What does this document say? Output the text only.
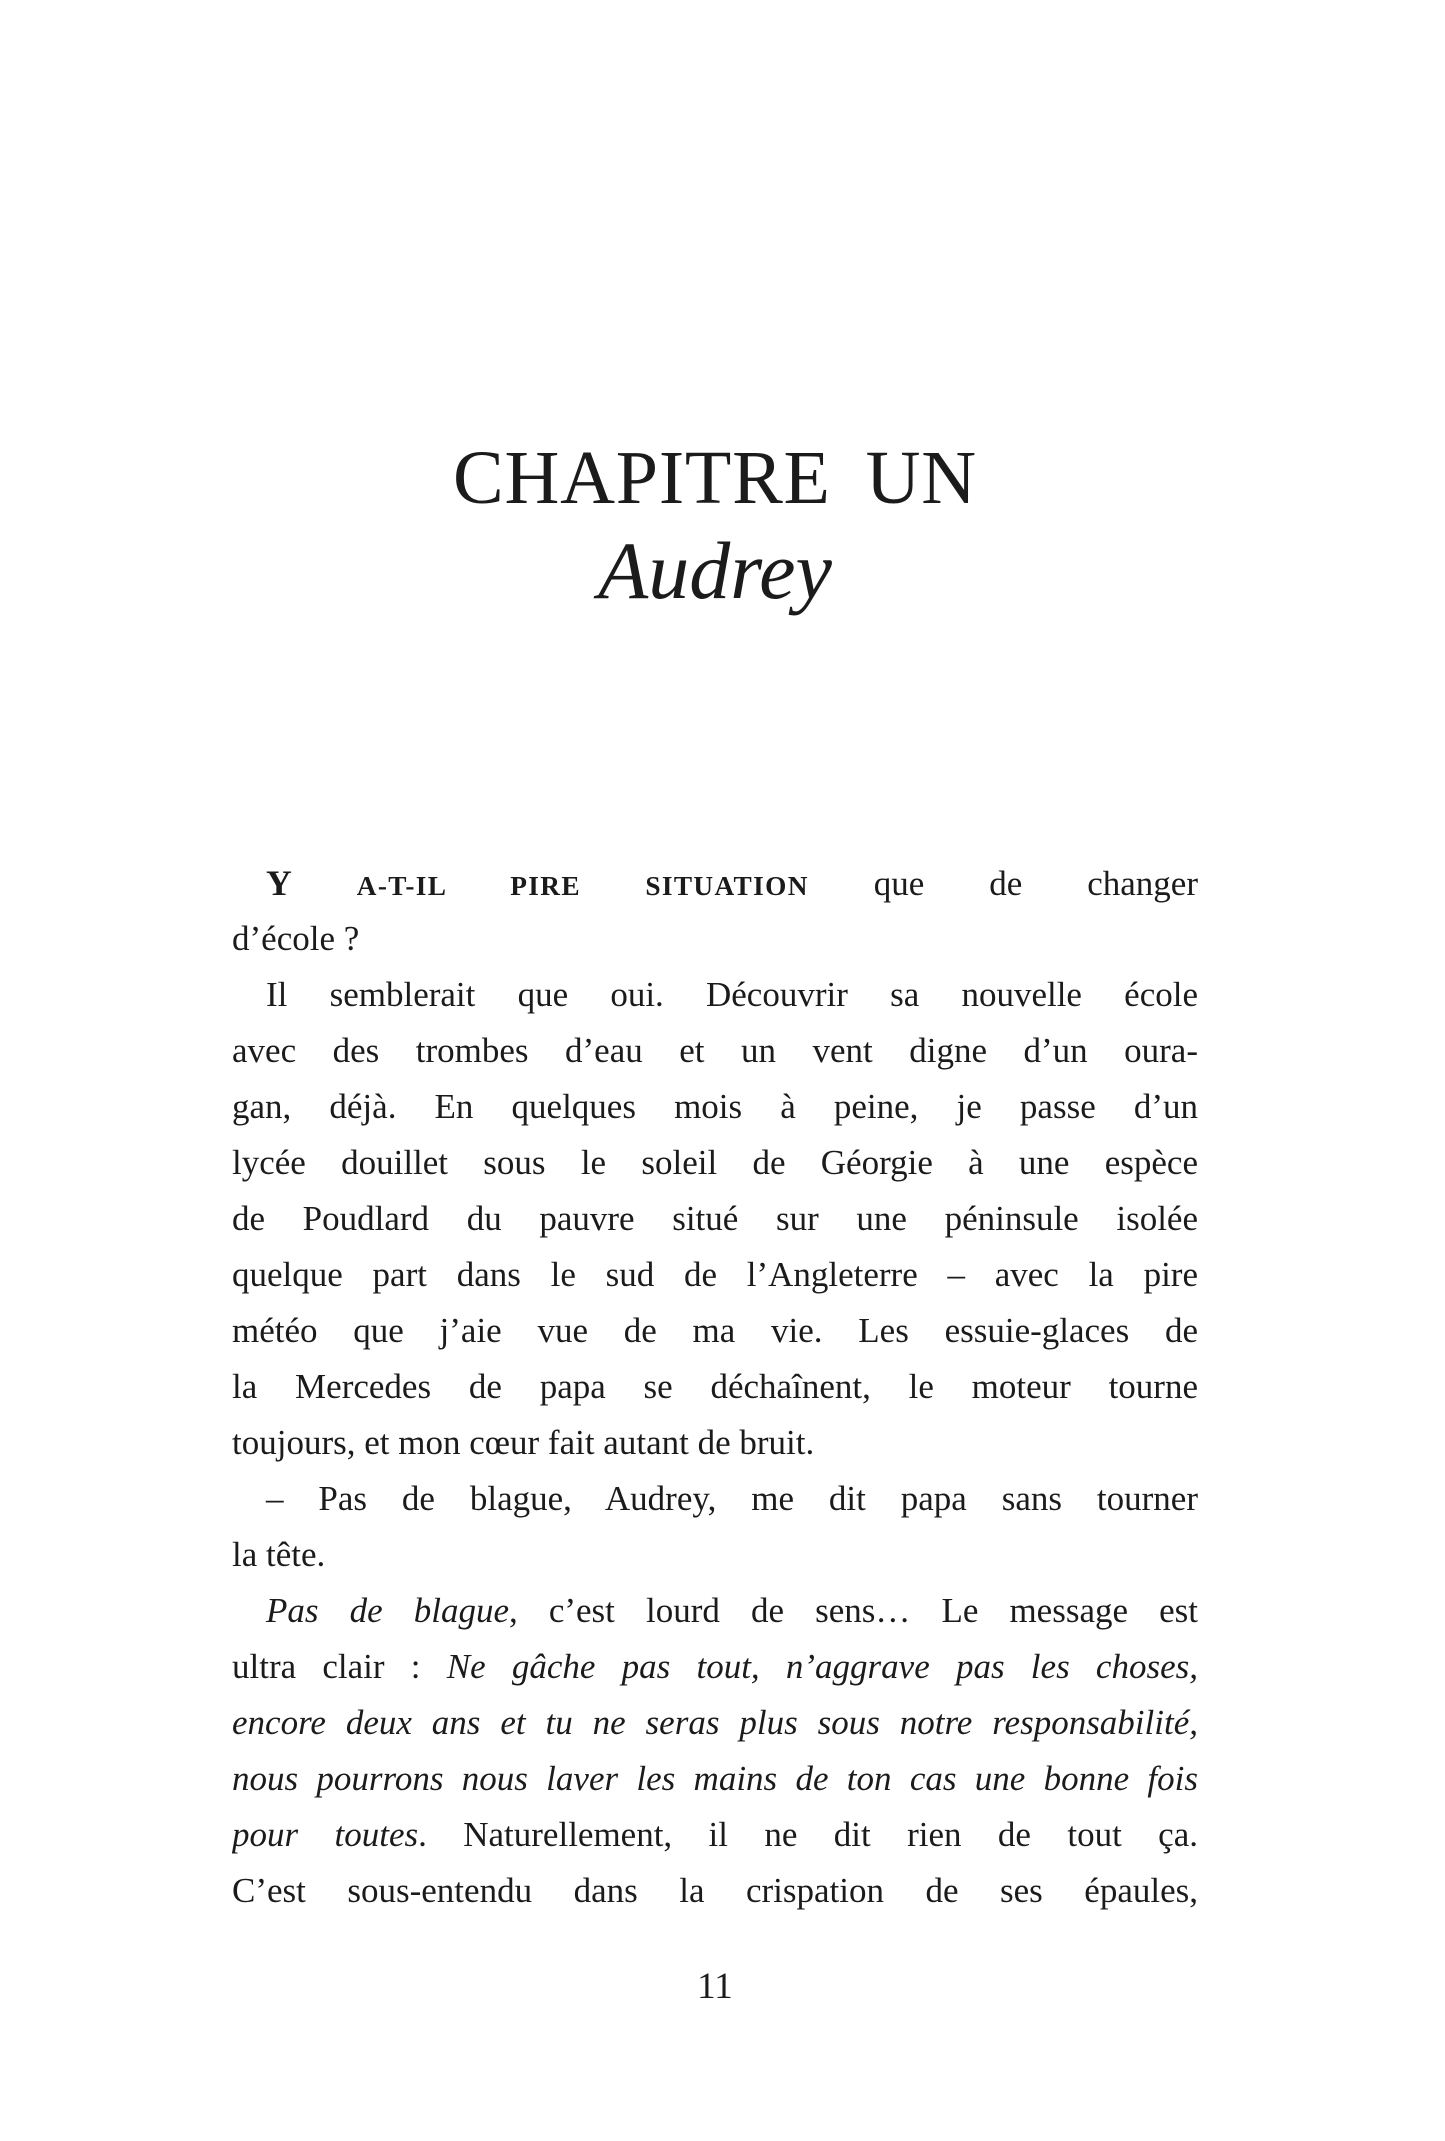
CHAPITRE UN
Audrey
Y A-T-IL PIRE SITUATION que de changer
d’école ?
Il semblerait que oui. Découvrir sa nouvelle école
avec des trombes d’eau et un vent digne d’un oura-
gan, déjà. En quelques mois à peine, je passe d’un
lycée douillet sous le soleil de Géorgie à une espèce
de Poudlard du pauvre situé sur une péninsule isolée
quelque part dans le sud de l’Angleterre – avec la pire
météo que j’aie vue de ma vie. Les essuie-glaces de
la Mercedes de papa se déchaînent, le moteur tourne
toujours, et mon cœur fait autant de bruit.
– Pas de blague, Audrey, me dit papa sans tourner
la tête.
Pas de blague, c’est lourd de sens… Le message est
ultra clair : Ne gâche pas tout, n’aggrave pas les choses,
encore deux ans et tu ne seras plus sous notre responsabilité,
nous pourrons nous laver les mains de ton cas une bonne fois
pour toutes. Naturellement, il ne dit rien de tout ça.
C’est sous-entendu dans la crispation de ses épaules,
11
